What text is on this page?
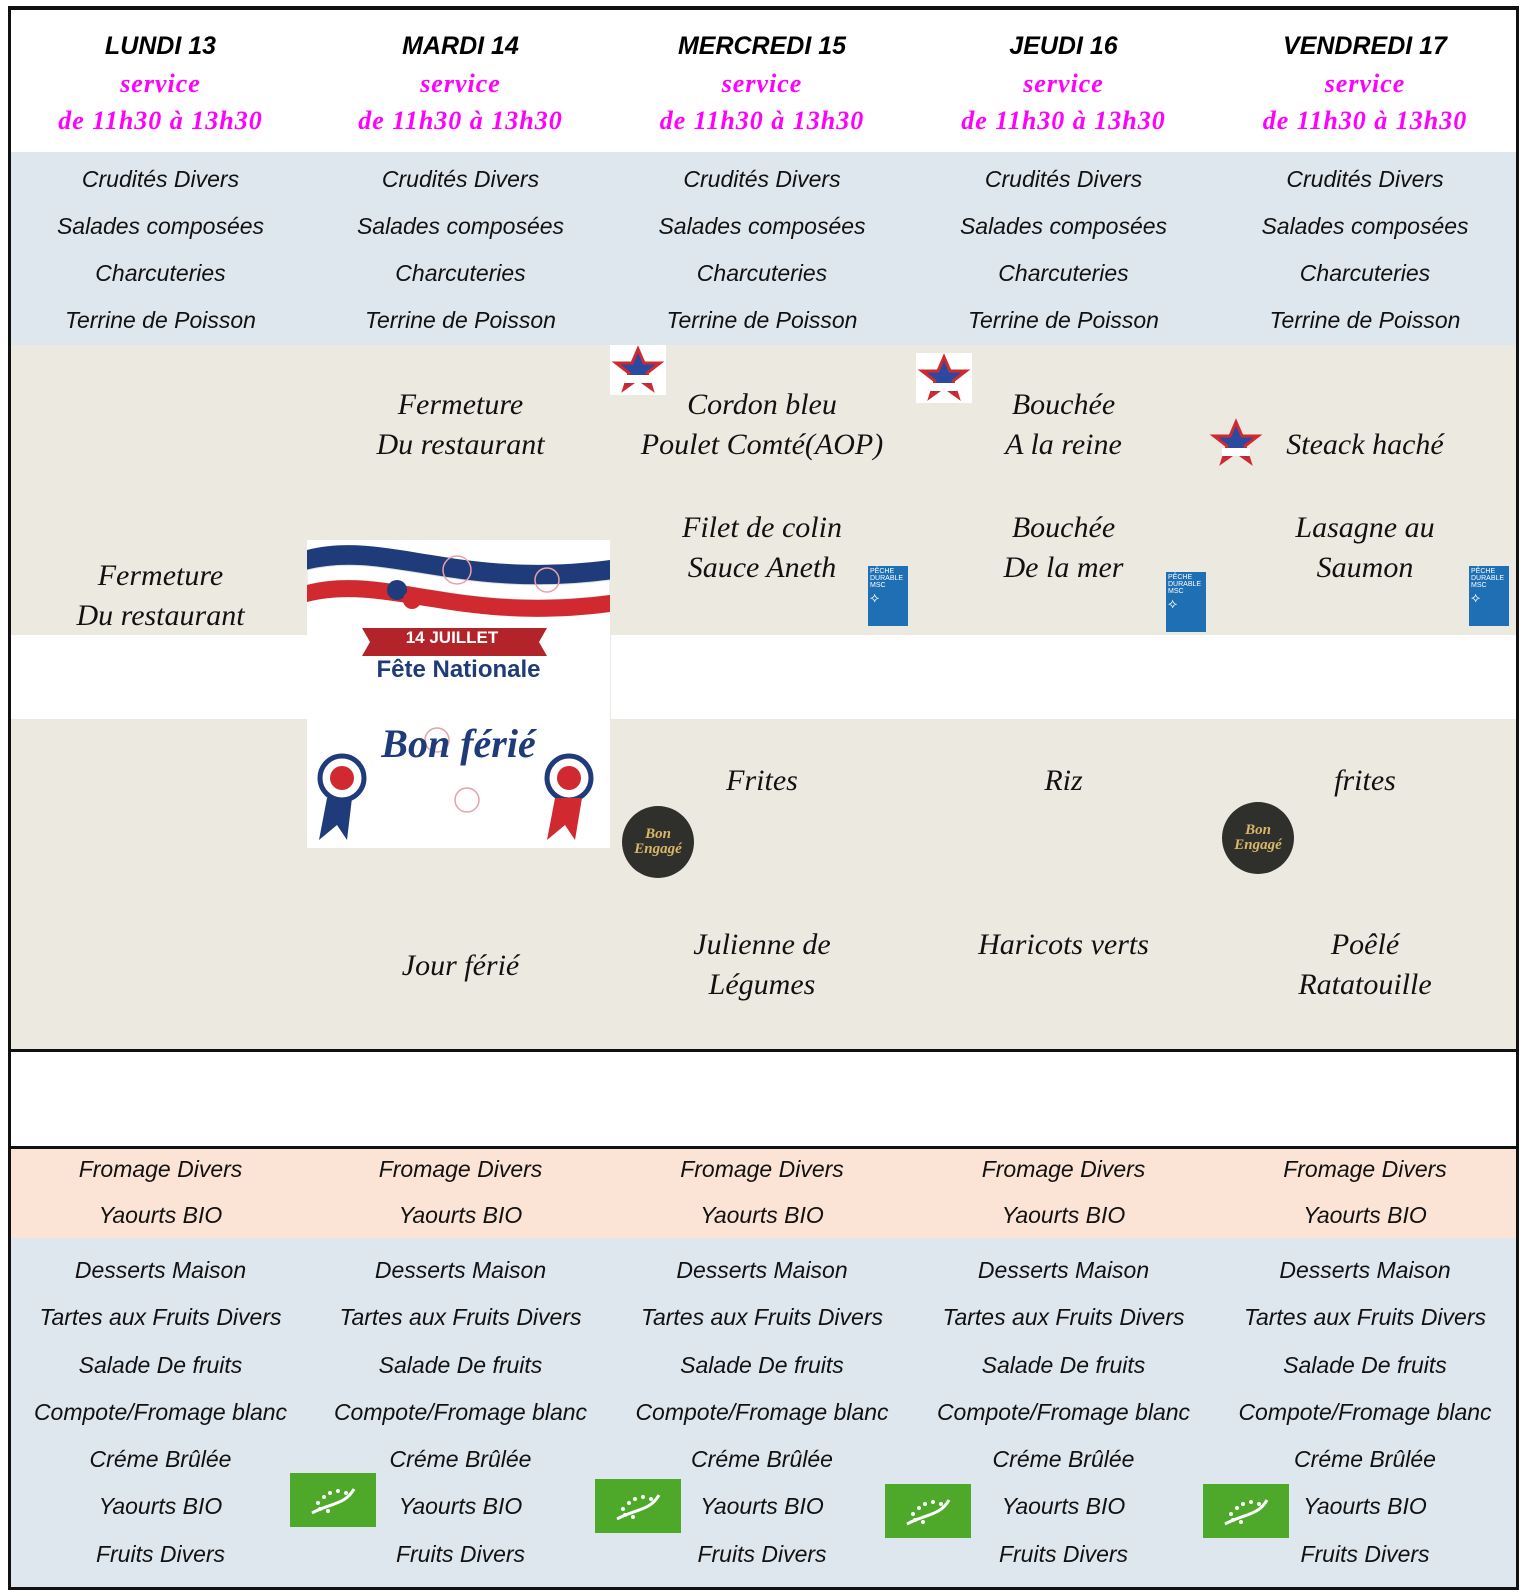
LUNDI 13
service
de 11h30 à 13h30
Crudités Divers
Salades composées
Charcuteries
Terrine de Poisson
Fromage Divers
Yaourts BIO
Desserts Maison
Tartes aux Fruits Divers
Salade De fruits
Compote/Fromage blanc
Créme Brûlée
Yaourts BIO
Fruits Divers
MARDI 14
service
de 11h30 à 13h30
Crudités Divers
Salades composées
Charcuteries
Terrine de Poisson
Fromage Divers
Yaourts BIO
Desserts Maison
Tartes aux Fruits Divers
Salade De fruits
Compote/Fromage blanc
Créme Brûlée
Yaourts BIO
Fruits Divers
MERCREDI 15
service
de 11h30 à 13h30
Crudités Divers
Salades composées
Charcuteries
Terrine de Poisson
Fromage Divers
Yaourts BIO
Desserts Maison
Tartes aux Fruits Divers
Salade De fruits
Compote/Fromage blanc
Créme Brûlée
Yaourts BIO
Fruits Divers
JEUDI 16
service
de 11h30 à 13h30
Crudités Divers
Salades composées
Charcuteries
Terrine de Poisson
Fromage Divers
Yaourts BIO
Desserts Maison
Tartes aux Fruits Divers
Salade De fruits
Compote/Fromage blanc
Créme Brûlée
Yaourts BIO
Fruits Divers
VENDREDI 17
service
de 11h30 à 13h30
Crudités Divers
Salades composées
Charcuteries
Terrine de Poisson
Fromage Divers
Yaourts BIO
Desserts Maison
Tartes aux Fruits Divers
Salade De fruits
Compote/Fromage blanc
Créme Brûlée
Yaourts BIO
Fruits Divers
Fermeture
Du restaurant
Fermeture
Du restaurant
Jour férié
Cordon bleu
Poulet Comté(AOP)
Filet de colin
Sauce Aneth
Frites
Julienne de
Légumes
Bouchée
A la reine
Bouchée
De la mer
Riz
Haricots verts
Steack haché
Lasagne au
Saumon
frites
Poêlé
Ratatouille
14 JUILLET
Fête Nationale
Bon férié
PÊCHE
DURABLE
MSC
⟡
PÊCHE
DURABLE
MSC
⟡
PÊCHE
DURABLE
MSC
⟡
Bon
Engagé
Bon
Engagé
